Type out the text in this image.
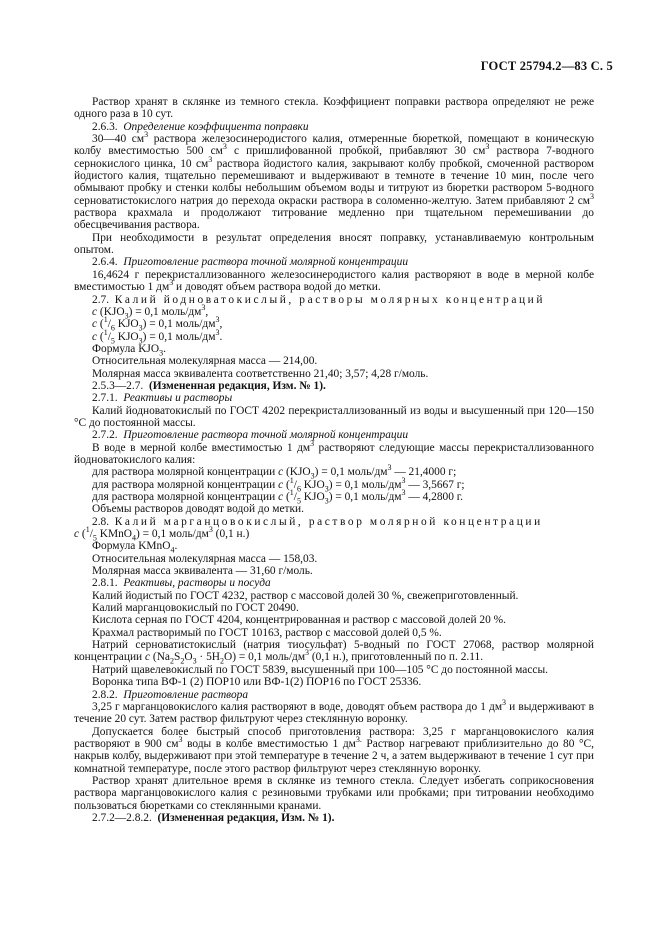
ГОСТ 25794.2—83 С. 5

Раствор хранят в склянке из темного стекла. Коэффициент поправки раствора определяют не реже одного раза в 10 сут.

2.6.3.  Определение коэффициента поправки

30—40 $см^3$ раствора железосинеродистого калия, отмеренные бюреткой, помещают в коническую колбу вместимостью 500 $см^3$ с пришлифованной пробкой, прибавляют 30 $см^3$ раствора 7-водного сернокислого цинка, 10 $см^3$ раствора йодистого калия, закрывают колбу пробкой, смоченной раствором йодистого калия, тщательно перемешивают и выдерживают в темноте в течение 10 мин, после чего обмывают пробку и стенки колбы небольшим объемом воды и титруют из бюретки раствором 5-водного серноватистокислого натрия до перехода окраски раствора в соломенно-желтую. Затем прибавляют 2 $см^3$ раствора крахмала и продолжают титрование медленно при тщательном перемешивании до обесцвечивания раствора.

При необходимости в результат определения вносят поправку, устанавливаемую контрольным опытом.

2.6.4.  Приготовление раствора точной молярной концентрации

16,4624 г перекристаллизованного железосинеродистого калия растворяют в воде в мерной колбе вместимостью 1 $дм^3$ и доводят объем раствора водой до метки.

2.7.  Калий йодноватокислый, растворы молярных концентраций

c $(KJO_3) = 0,1$ моль/$дм^3$,

c ($^1/_6$ $KJO_3) = 0,1$ моль/$дм^3$,

c ($^1/_5$ $KJO_3) = 0,1$ моль/$дм^3$.

Формула $KJO_3$.

Относительная молекулярная масса — 214,00.

Молярная масса эквивалента соответственно 21,40; 3,57; 4,28 г/моль.

2.5.3—2.7.  (Измененная редакция, Изм. № 1).

2.7.1.  Реактивы и растворы

Калий йодноватокислый по ГОСТ 4202 перекристаллизованный из воды и высушенный при 120—150 °С до постоянной массы.

2.7.2.  Приготовление раствора точной молярной концентрации

В воде в мерной колбе вместимостью 1 $дм^3$ растворяют следующие массы перекристаллизованного йодноватокислого калия:

для раствора молярной концентрации c $(KJO_3) = 0,1$ моль/$дм^3$ — 21,4000 г;

для раствора молярной концентрации c ($^1/_6$ $KJO_3) = 0,1$ моль/$дм^3$ — 3,5667 г;

для раствора молярной концентрации c ($^1/_5$ $KJO_3) = 0,1$ моль/$дм^3$ — 4,2800 г.

Объемы растворов доводят водой до метки.

2.8.  Калий марганцовокислый, раствор молярной концентрации

c ($^1/_5$ KMnO$_4$) = 0,1 моль/$дм^3$ (0,1 н.)

Формула KMnO$_4$.

Относительная молекулярная масса — 158,03.

Молярная масса эквивалента — 31,60 г/моль.

2.8.1.  Реактивы, растворы и посуда

Калий йодистый по ГОСТ 4232, раствор с массовой долей 30 %, свежеприготовленный.

Калий марганцовокислый по ГОСТ 20490.

Кислота серная по ГОСТ 4204, концентрированная и раствор с массовой долей 20 %.

Крахмал растворимый по ГОСТ 10163, раствор с массовой долей 0,5 %.

Натрий серноватистокислый (натрия тиосульфат) 5-водный по ГОСТ 27068, раствор молярной концентрации c $(Na_2S_2O_3 \cdot 5H_2O) = 0,1$ моль/$дм^3$ (0,1 н.), приготовленный по п. 2.11.

Натрий щавелевокислый по ГОСТ 5839, высушенный при 100—105 °С до постоянной массы.

Воронка типа ВФ-1 (2) ПОР10 или ВФ-1(2) ПОР16 по ГОСТ 25336.

2.8.2.  Приготовление раствора

3,25 г марганцовокислого калия растворяют в воде, доводят объем раствора до 1 $дм^3$ и выдерживают в течение 20 сут. Затем раствор фильтруют через стеклянную воронку.

Допускается более быстрый способ приготовления раствора: 3,25 г марганцовокислого калия растворяют в 900 $см^3$ воды в колбе вместимостью 1 $дм^{3.}$ Раствор нагревают приблизительно до 80 °С, накрыв колбу, выдерживают при этой температуре в течение 2 ч, а затем выдерживают в течение 1 сут при комнатной температуре, после этого раствор фильтруют через стеклянную воронку.

Раствор хранят длительное время в склянке из темного стекла. Следует избегать соприкосновения раствора марганцовокислого калия с резиновыми трубками или пробками; при титровании необходимо пользоваться бюретками со стеклянными кранами.

2.7.2—2.8.2.  (Измененная редакция, Изм. № 1).
